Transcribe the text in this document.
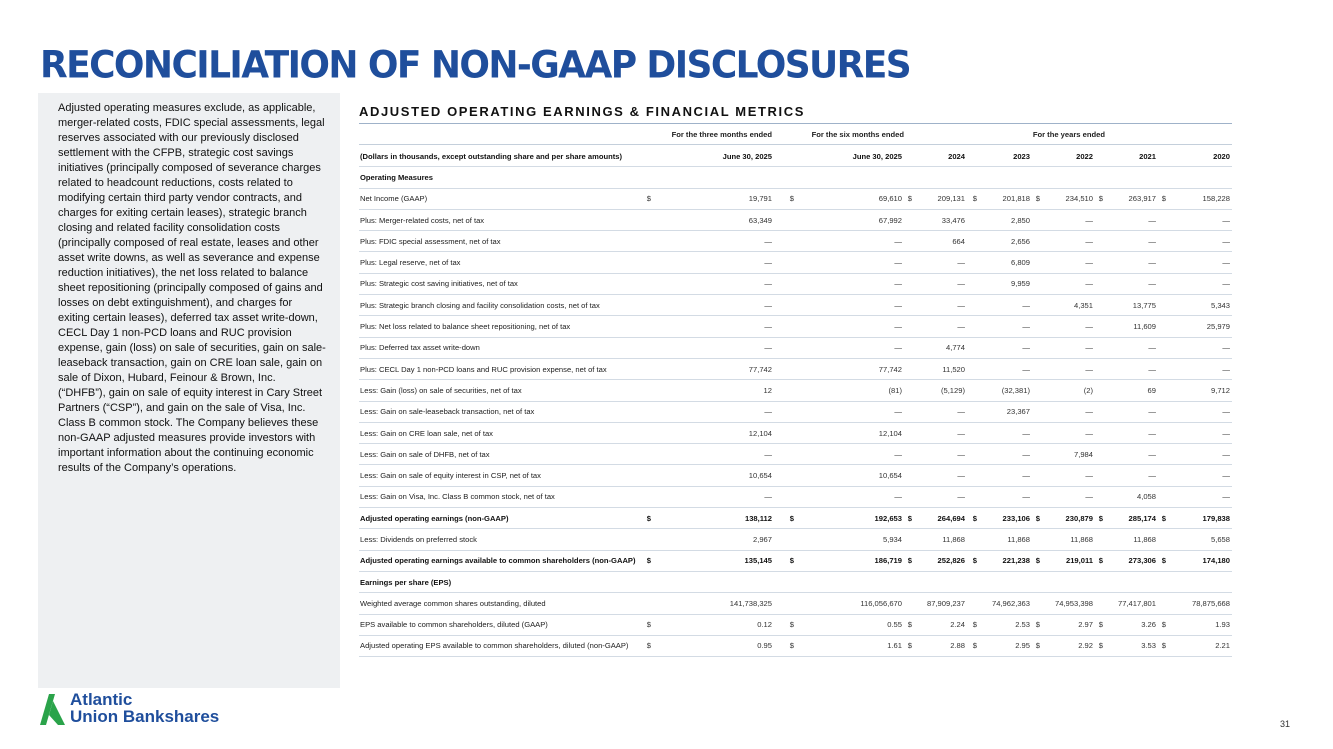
RECONCILIATION OF NON-GAAP DISCLOSURES

Adjusted operating measures exclude, as applicable, merger-related costs, FDIC special assessments, legal reserves associated with our previously disclosed settlement with the CFPB, strategic cost savings initiatives (principally composed of severance charges related to headcount reductions, costs related to modifying certain third party vendor contracts, and charges for exiting certain leases), strategic branch closing and related facility consolidation costs (principally composed of real estate, leases and other asset write downs, as well as severance and expense reduction initiatives), the net loss related to balance sheet repositioning (principally composed of gains and losses on debt extinguishment), and charges for exiting certain leases), deferred tax asset write-down, CECL Day 1 non-PCD loans and RUC provision expense, gain (loss) on sale of securities, gain on sale-leaseback transaction, gain on CRE loan sale, gain on sale of Dixon, Hubard, Feinour & Brown, Inc. (“DHFB”), gain on sale of equity interest in Cary Street Partners (“CSP”), and gain on the sale of Visa, Inc. Class B common stock. The Company believes these non-GAAP adjusted measures provide investors with important information about the continuing economic results of the Company’s operations.

ADJUSTED OPERATING EARNINGS & FINANCIAL METRICS
For the three months ended	For the six months ended	For the years ended
(Dollars in thousands, except outstanding share and per share amounts)		June 30, 2025		June 30, 2025		2024		2023		2022		2021		2020
Operating Measures														
Net Income (GAAP)	$	19,791	$	69,610	$	209,131	$	201,818	$	234,510	$	263,917	$	158,228
Plus: Merger-related costs, net of tax		63,349		67,992		33,476		2,850		—		—		—
Plus: FDIC special assessment, net of tax		—		—		664		2,656		—		—		—
Plus: Legal reserve, net of tax		—		—		—		6,809		—		—		—
Plus: Strategic cost saving initiatives, net of tax		—		—		—		9,959		—		—		—
Plus: Strategic branch closing and facility consolidation costs, net of tax		—		—		—		—		4,351		13,775		5,343
Plus: Net loss related to balance sheet repositioning, net of tax		—		—		—		—		—		11,609		25,979
Plus: Deferred tax asset write-down		—		—		4,774		—		—		—		—
Plus: CECL Day 1 non-PCD loans and RUC provision expense, net of tax		77,742		77,742		11,520		—		—		—		—
Less: Gain (loss) on sale of securities, net of tax		12		(81)		(5,129)		(32,381)		(2)		69		9,712
Less: Gain on sale-leaseback transaction, net of tax		—		—		—		23,367		—		—		—
Less: Gain on CRE loan sale, net of tax		12,104		12,104		—		—		—		—		—
Less: Gain on sale of DHFB, net of tax		—		—		—		—		7,984		—		—
Less: Gain on sale of equity interest in CSP, net of tax		10,654		10,654		—		—		—		—		—
Less: Gain on Visa, Inc. Class B common stock, net of tax		—		—		—		—		—		4,058		—
Adjusted operating earnings (non-GAAP)	$	138,112	$	192,653	$	264,694	$	233,106	$	230,879	$	285,174	$	179,838
Less: Dividends on preferred stock		2,967		5,934		11,868		11,868		11,868		11,868		5,658
Adjusted operating earnings available to common shareholders (non-GAAP)	$	135,145	$	186,719	$	252,826	$	221,238	$	219,011	$	273,306	$	174,180
Earnings per share (EPS)														
Weighted average common shares outstanding, diluted		141,738,325		116,056,670		87,909,237		74,962,363		74,953,398		77,417,801		78,875,668
EPS available to common shareholders, diluted (GAAP)	$	0.12	$	0.55	$	2.24	$	2.53	$	2.97	$	3.26	$	1.93
Adjusted operating EPS available to common shareholders, diluted (non-GAAP)	$	0.95	$	1.61	$	2.88	$	2.95	$	2.92	$	3.53	$	2.21
Atlantic
Union Bankshares	31
